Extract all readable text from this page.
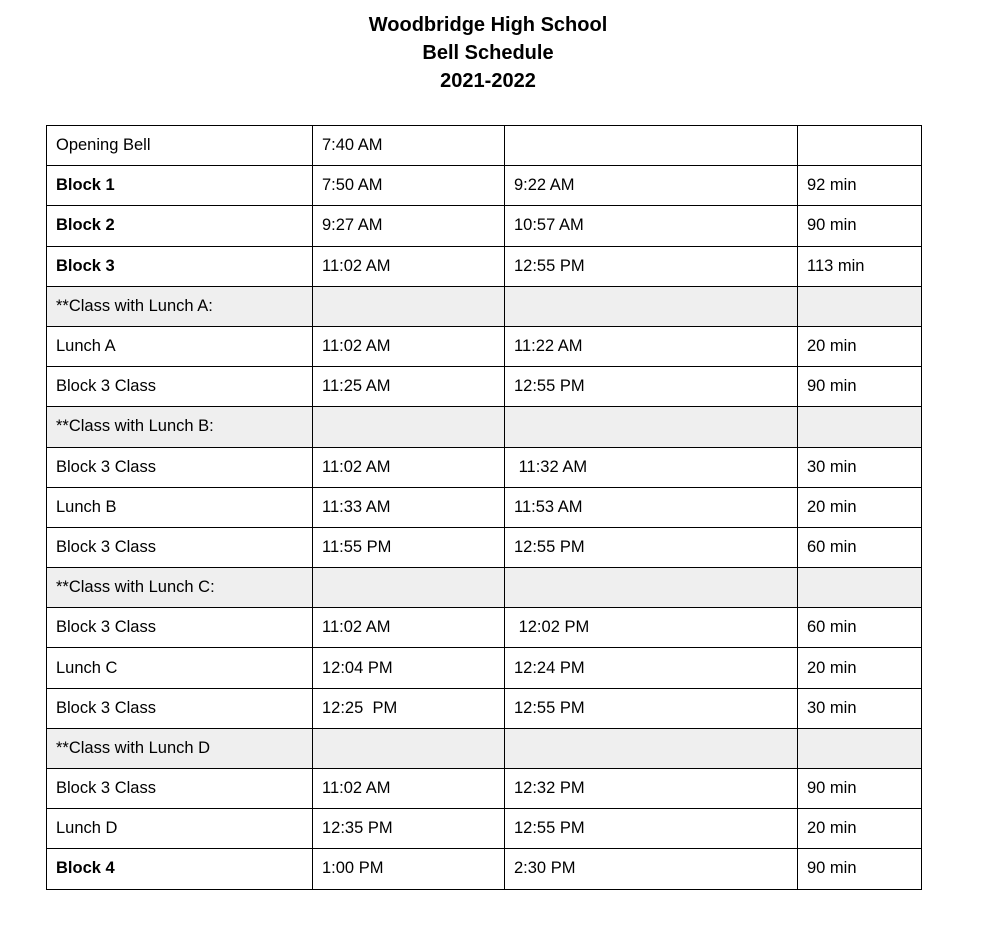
Woodbridge High School
Bell Schedule
2021-2022
Opening Bell	7:40 AM		
Block 1	7:50 AM	9:22 AM	92 min
Block 2	9:27 AM	10:57 AM	90 min
Block 3	11:02 AM	12:55 PM	113 min
**Class with Lunch A:			
Lunch A	11:02 AM	11:22 AM	20 min
Block 3 Class	11:25 AM	12:55 PM	90 min
**Class with Lunch B:			
Block 3 Class	11:02 AM	11:32 AM	30 min
Lunch B	11:33 AM	11:53 AM	20 min
Block 3 Class	11:55 PM	12:55 PM	60 min
**Class with Lunch C:			
Block 3 Class	11:02 AM	12:02 PM	60 min
Lunch C	12:04 PM	12:24 PM	20 min
Block 3 Class	12:25  PM	12:55 PM	30 min
**Class with Lunch D			
Block 3 Class	11:02 AM	12:32 PM	90 min
Lunch D	12:35 PM	12:55 PM	20 min
Block 4	1:00 PM	2:30 PM	90 min
